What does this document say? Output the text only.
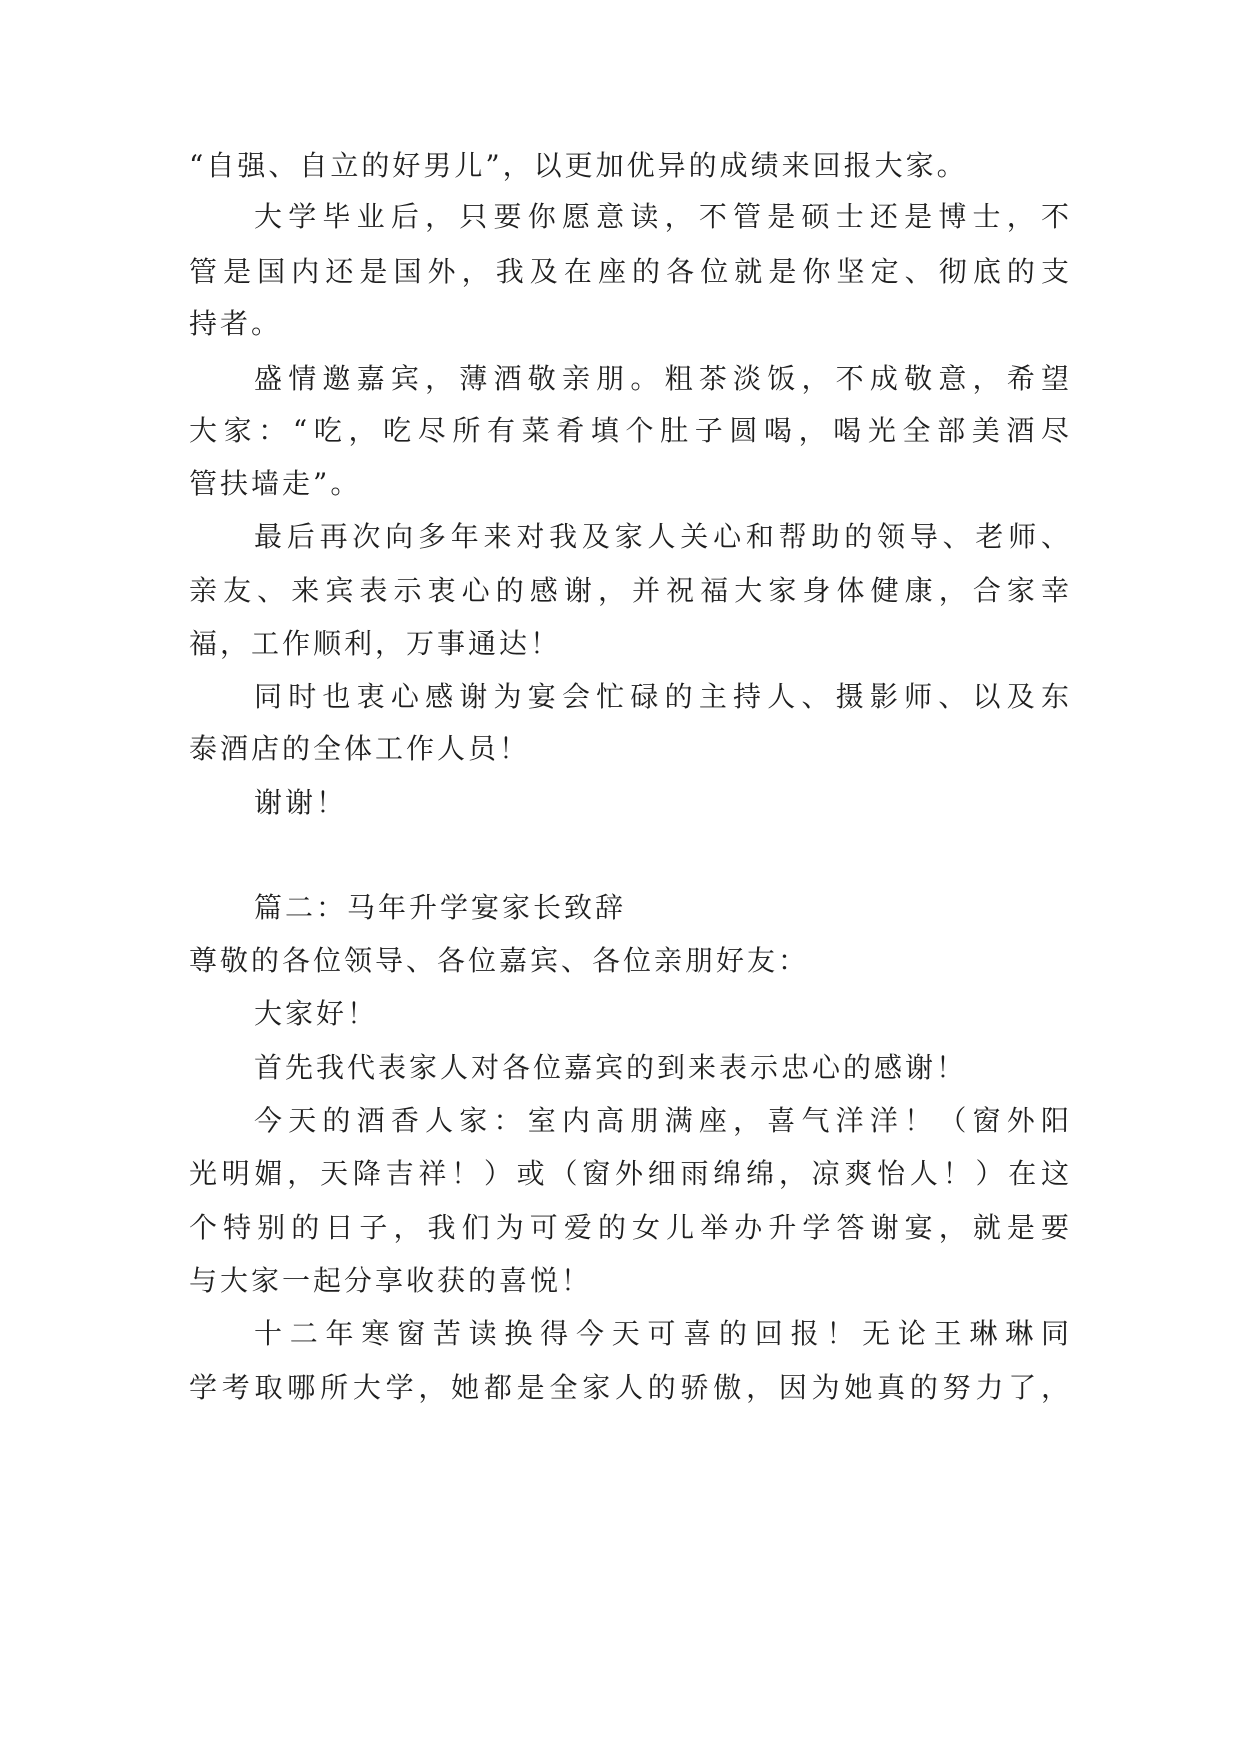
“自强、自立的好男儿”，以更加优异的成绩来回报大家。
大学毕业后，只要你愿意读，不管是硕士还是博士，不
管是国内还是国外，我及在座的各位就是你坚定、彻底的支
持者。
盛情邀嘉宾，薄酒敬亲朋。粗茶淡饭，不成敬意，希望
大家：“吃，吃尽所有菜肴填个肚子圆喝，喝光全部美酒尽
管扶墙走”。
最后再次向多年来对我及家人关心和帮助的领导、老师、
亲友、来宾表示衷心的感谢，并祝福大家身体健康，合家幸
福，工作顺利，万事通达！
同时也衷心感谢为宴会忙碌的主持人、摄影师、以及东
泰酒店的全体工作人员！
谢谢！
篇二：马年升学宴家长致辞
尊敬的各位领导、各位嘉宾、各位亲朋好友：
大家好！
首先我代表家人对各位嘉宾的到来表示忠心的感谢！
今天的酒香人家：室内高朋满座，喜气洋洋！（窗外阳
光明媚，天降吉祥！）或（窗外细雨绵绵，凉爽怡人！）在这
个特别的日子，我们为可爱的女儿举办升学答谢宴，就是要
与大家一起分享收获的喜悦！
十二年寒窗苦读换得今天可喜的回报！无论王琳琳同
学考取哪所大学，她都是全家人的骄傲，因为她真的努力了，
